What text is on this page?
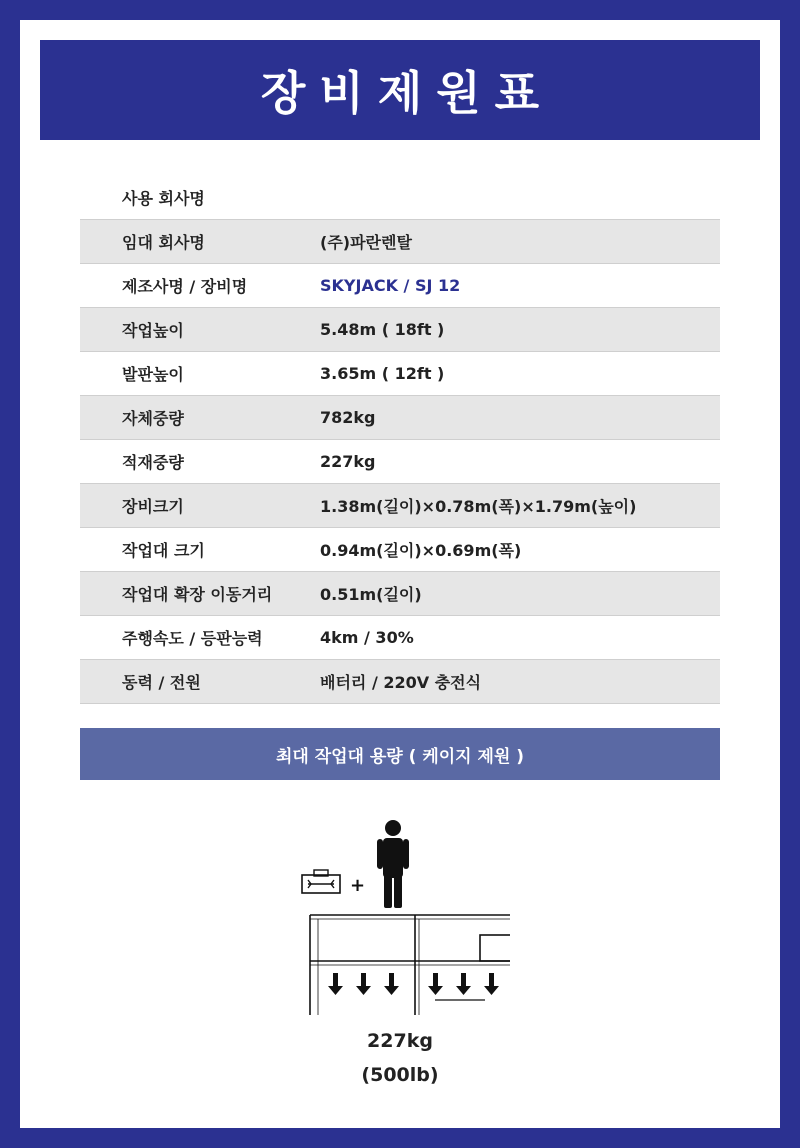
장비제원표
사용 회사명
임대 회사명	(주)파란렌탈
제조사명 / 장비명	SKYJACK / SJ 12
작업높이	5.48m ( 18ft )
발판높이	3.65m ( 12ft )
자체중량	782kg
적재중량	227kg
장비크기	1.38m(길이)×0.78m(폭)×1.79m(높이)
작업대 크기	0.94m(길이)×0.69m(폭)
작업대 확장 이동거리	0.51m(길이)
주행속도 / 등판능력	4km / 30%
동력 / 전원	배터리 / 220V 충전식
최대 작업대 용량 ( 케이지 제원 )
+
227kg
(500lb)
